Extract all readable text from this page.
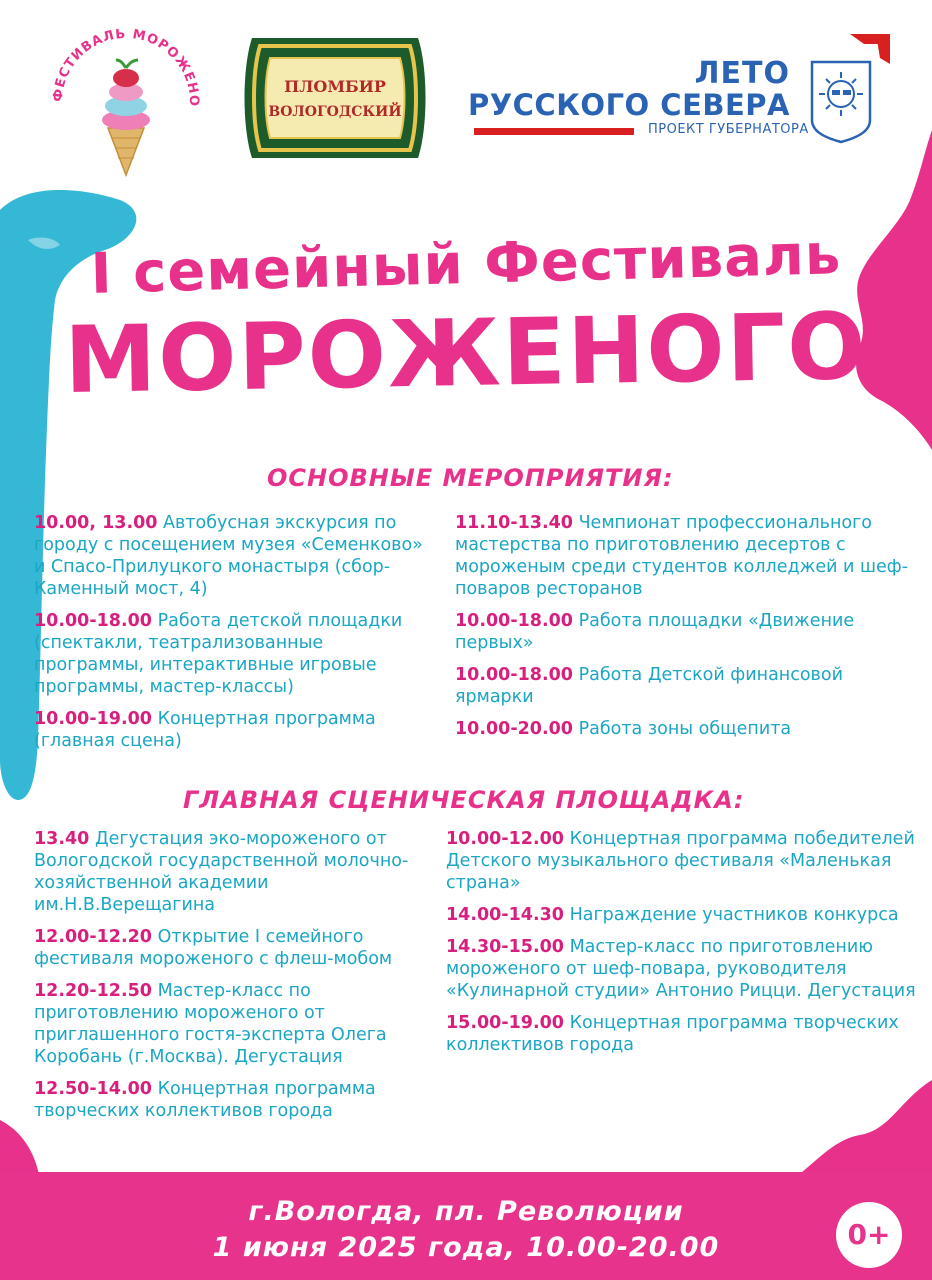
ФЕСТИВАЛЬ МОРОЖЕНО
ПЛОМБИР
ВОЛОГОДСКИЙ
ЛЕТО
РУССКОГО СЕВЕРА
ПРОЕКТ ГУБЕРНАТОРА
I семейный Фестиваль
МОРОЖЕНОГО
ОСНОВНЫЕ МЕРОПРИЯТИЯ:
10.00, 13.00 Автобусная экскурсия по городу с посещением музея «Семенково» и Спасо-Прилуцкого монастыря (сбор-Каменный мост, 4)
10.00-18.00 Работа детской площадки (спектакли, театрализованные программы, интерактивные игровые программы, мастер-классы)
10.00-19.00 Концертная программа (главная сцена)
11.10-13.40 Чемпионат профессионального мастерства по приготовлению десертов с мороженым среди студентов колледжей и шеф-поваров ресторанов
10.00-18.00 Работа площадки «Движение первых»
10.00-18.00 Работа Детской финансовой ярмарки
10.00-20.00 Работа зоны общепита
ГЛАВНАЯ СЦЕНИЧЕСКАЯ ПЛОЩАДКА:
13.40 Дегустация эко-мороженого от Вологодской государственной молочно-хозяйственной академии им.Н.В.Верещагина
12.00-12.20 Открытие I семейного фестиваля мороженого с флеш-мобом
12.20-12.50 Мастер-класс по приготовлению мороженого от приглашенного гостя-эксперта Олега Коробань (г.Москва). Дегустация
12.50-14.00 Концертная программа творческих коллективов города
10.00-12.00 Концертная программа победителей Детского музыкального фестиваля «Маленькая страна»
14.00-14.30 Награждение участников конкурса
14.30-15.00 Мастер-класс по приготовлению мороженого от шеф-повара, руководителя «Кулинарной студии» Антонио Рицци. Дегустация
15.00-19.00 Концертная программа творческих коллективов города
г.Вологда, пл. Революции
1 июня 2025 года, 10.00-20.00	0+
